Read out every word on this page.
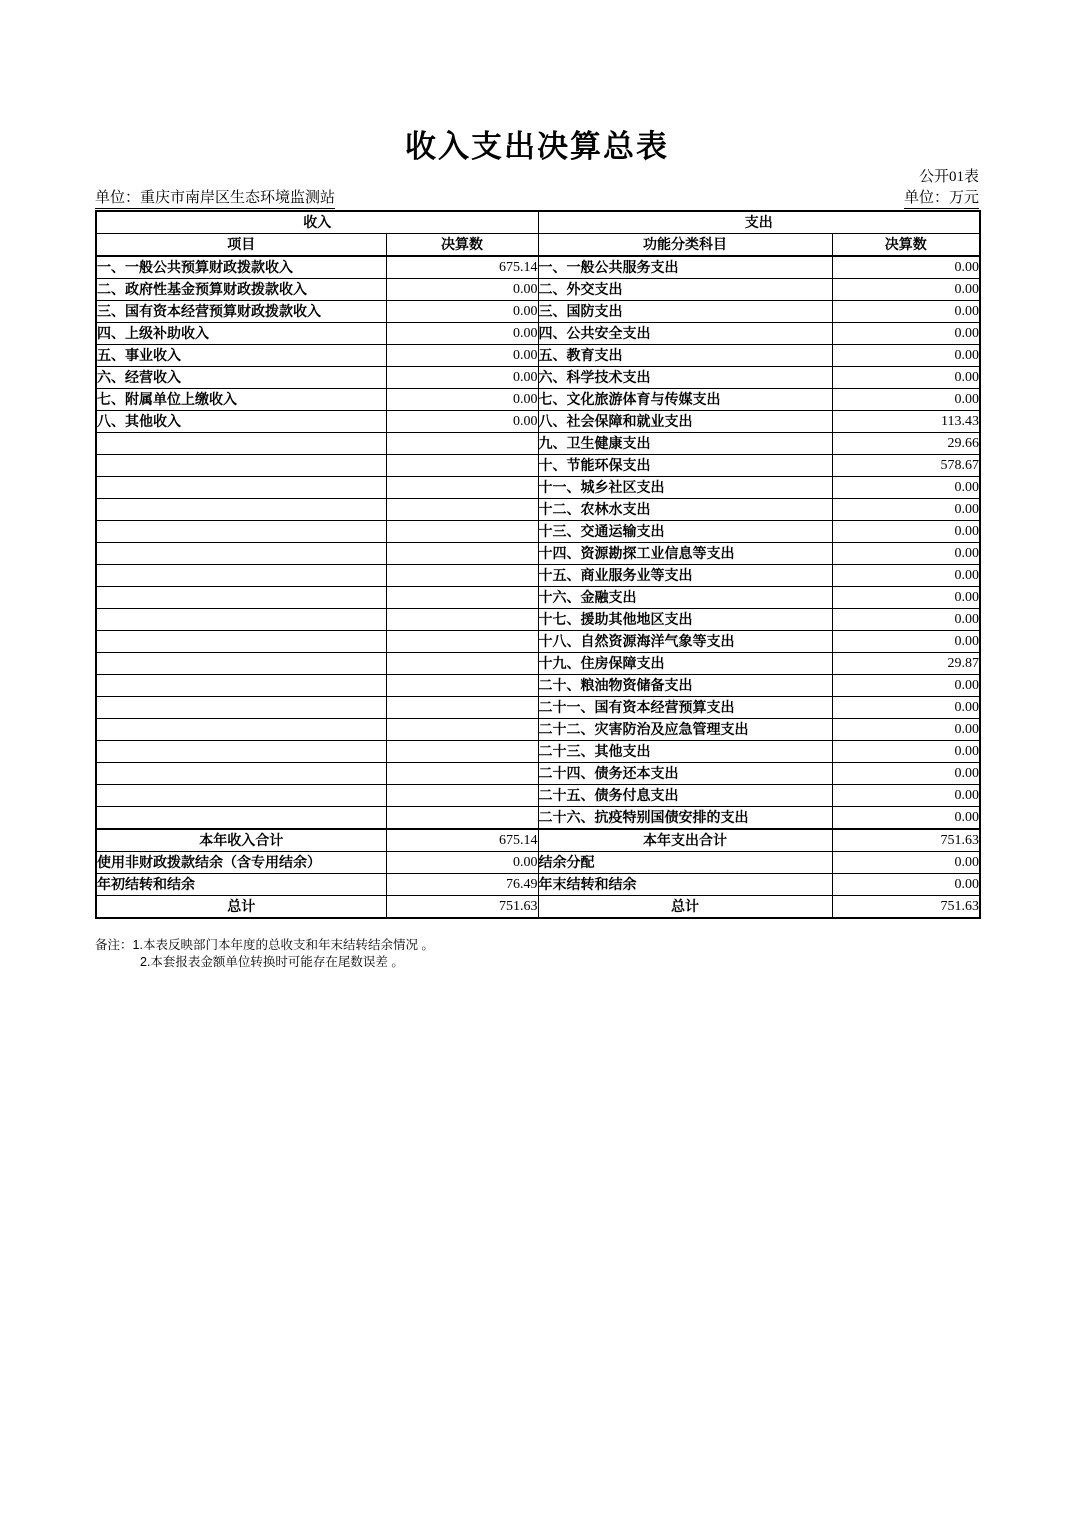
收入支出决算总表
公开01表
单位：重庆市南岸区生态环境监测站	单位：万元
收入		支出	
项目	决算数	功能分类科目	决算数
一、一般公共预算财政拨款收入	675.14	一、一般公共服务支出	0.00
二、政府性基金预算财政拨款收入	0.00	二、外交支出	0.00
三、国有资本经营预算财政拨款收入	0.00	三、国防支出	0.00
四、上级补助收入	0.00	四、公共安全支出	0.00
五、事业收入	0.00	五、教育支出	0.00
六、经营收入	0.00	六、科学技术支出	0.00
七、附属单位上缴收入	0.00	七、文化旅游体育与传媒支出	0.00
八、其他收入	0.00	八、社会保障和就业支出	113.43
		九、卫生健康支出	29.66
		十、节能环保支出	578.67
		十一、城乡社区支出	0.00
		十二、农林水支出	0.00
		十三、交通运输支出	0.00
		十四、资源勘探工业信息等支出	0.00
		十五、商业服务业等支出	0.00
		十六、金融支出	0.00
		十七、援助其他地区支出	0.00
		十八、自然资源海洋气象等支出	0.00
		十九、住房保障支出	29.87
		二十、粮油物资储备支出	0.00
		二十一、国有资本经营预算支出	0.00
		二十二、灾害防治及应急管理支出	0.00
		二十三、其他支出	0.00
		二十四、债务还本支出	0.00
		二十五、债务付息支出	0.00
		二十六、抗疫特别国债安排的支出	0.00
本年收入合计	675.14	本年支出合计	751.63
使用非财政拨款结余（含专用结余）	0.00	结余分配	0.00
年初结转和结余	76.49	年末结转和结余	0.00
总计	751.63	总计	751.63
备注：1.本表反映部门本年度的总收支和年末结转结余情况 。
2.本套报表金额单位转换时可能存在尾数误差 。
